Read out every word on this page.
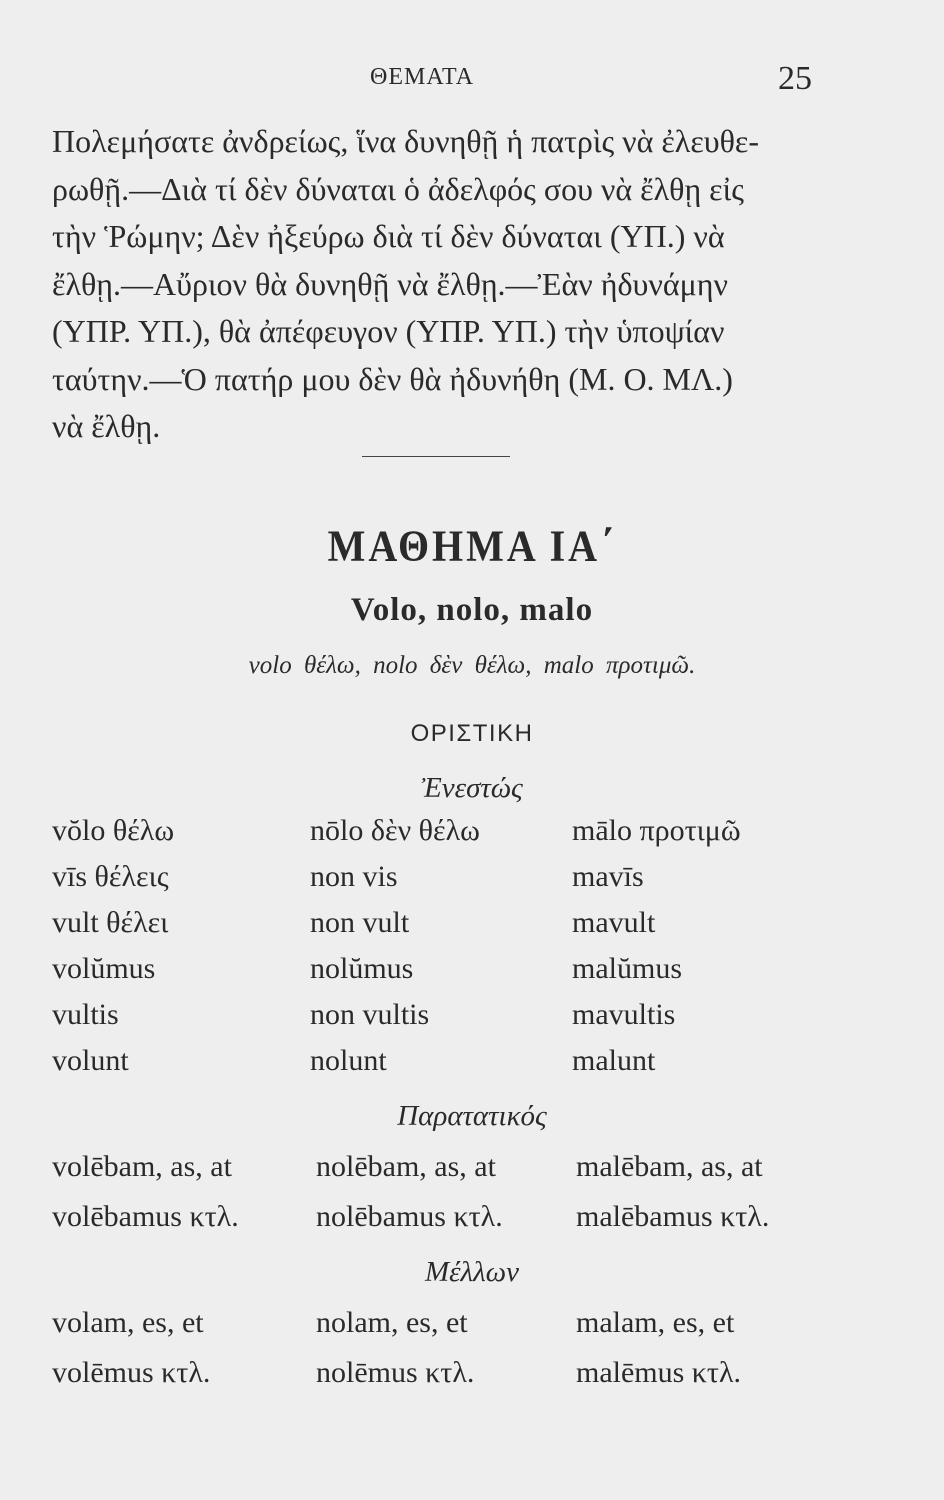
ΘΕΜΑΤΑ	25
Πολεμήσατε ἀνδρείως, ἵνα δυνηθῇ ἡ πατρὶς νὰ ἐλευθε-
ρωθῇ.—Διὰ τί δὲν δύναται ὁ ἀδελφός σου νὰ ἔλθῃ εἰς
τὴν Ῥώμην; Δὲν ἠξεύρω διὰ τί δὲν δύναται (ΥΠ.) νὰ
ἔλθῃ.—Αὔριον θὰ δυνηθῇ νὰ ἔλθῃ.—Ἐὰν ἠδυνάμην
(ΥΠΡ. ΥΠ.), θὰ ἀπέφευγον (ΥΠΡ. ΥΠ.) τὴν ὑποψίαν
ταύτην.—Ὁ πατήρ μου δὲν θὰ ἠδυνήθη (Μ. Ο. ΜΛ.)
νὰ ἔλθῃ.
ΜΑΘΗΜΑ ΙΑ΄
Volo, nolo, malo
volo θέλω, nolo δὲν θέλω, malo προτιμῶ.
ΟΡΙΣΤΙΚΗ
Ἐνεστώς
vŏlo θέλω	nōlo δὲν θέλω	mālo προτιμῶ
vīs θέλεις	non vis	mavīs
vult θέλει	non vult	mavult
volŭmus	nolŭmus	malŭmus
vultis	non vultis	mavultis
volunt	nolunt	malunt
Παρατατικός
volēbam, as, at	nolēbam, as, at	malēbam, as, at
volēbamus κτλ.	nolēbamus κτλ. malēbamus κτλ.
Μέλλων
volam, es, et	nolam, es, et	malam, es, et
volēmus κτλ.	nolēmus κτλ.	malēmus κτλ.
